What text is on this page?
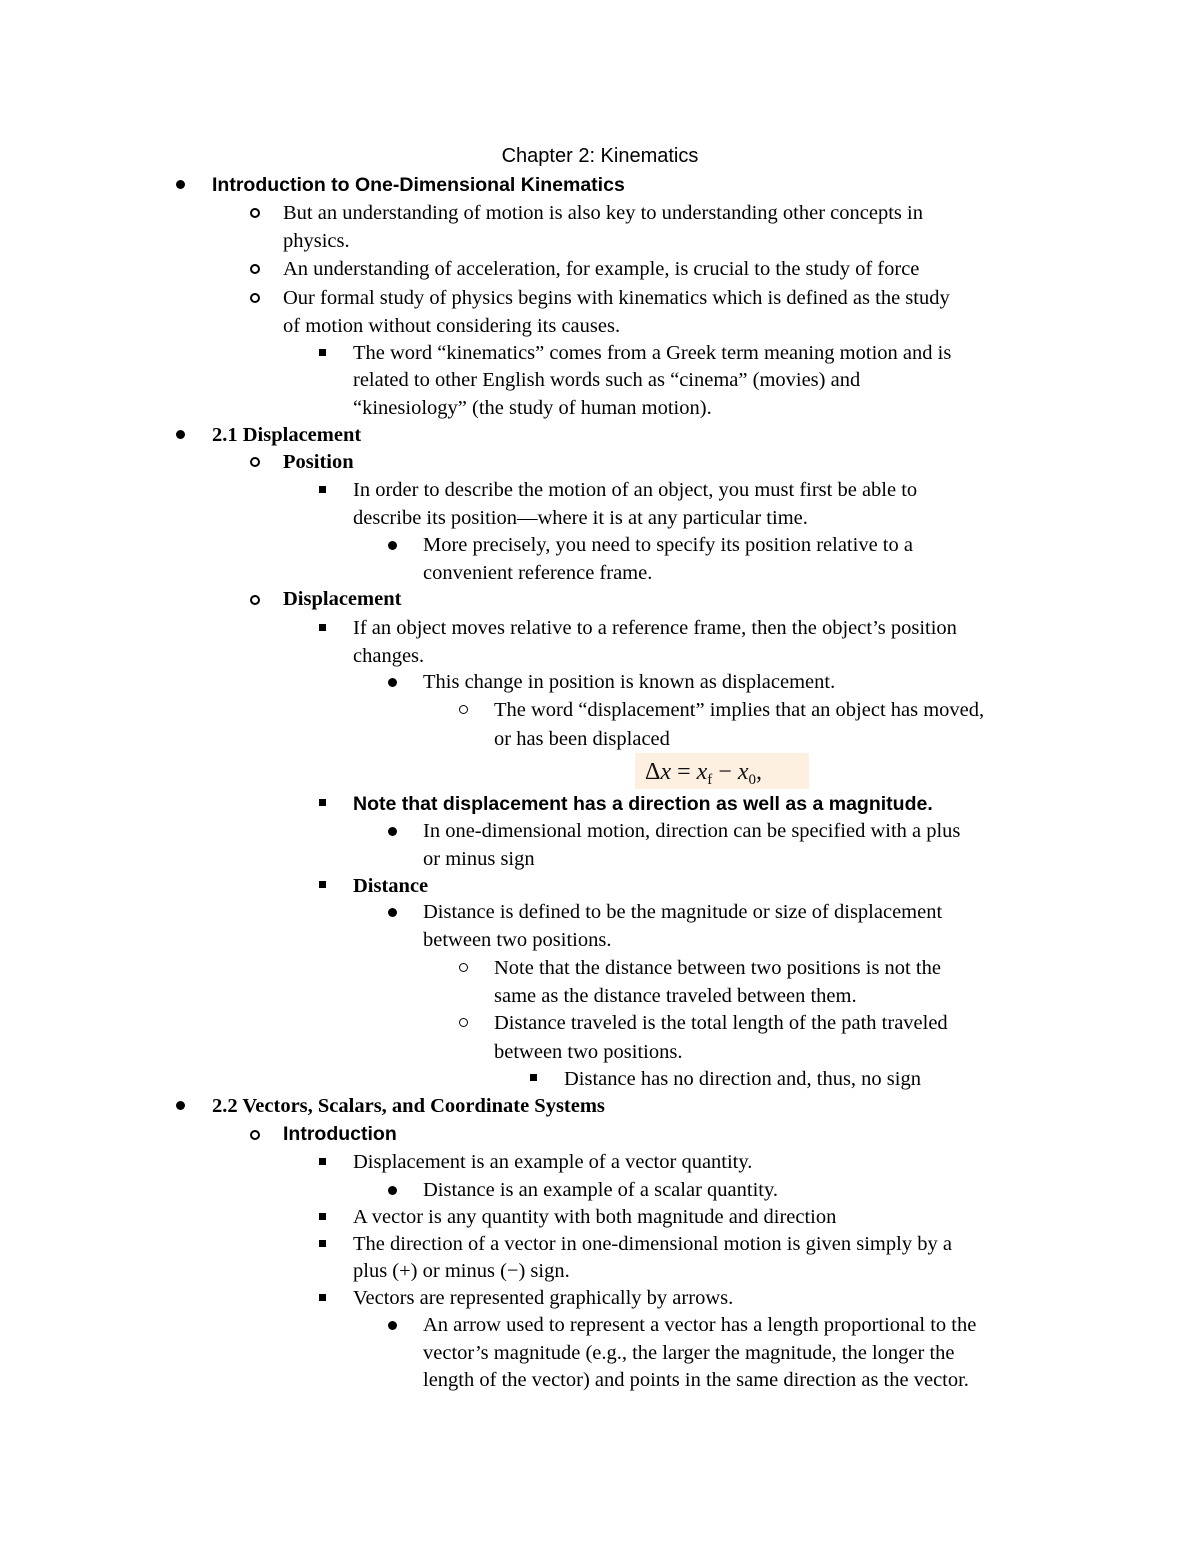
Chapter 2: Kinematics
Introduction to One-Dimensional Kinematics
But an understanding of motion is also key to understanding other concepts in
physics.
An understanding of acceleration, for example, is crucial to the study of force
Our formal study of physics begins with kinematics which is defined as the study
of motion without considering its causes.
The word “kinematics” comes from a Greek term meaning motion and is
related to other English words such as “cinema” (movies) and
“kinesiology” (the study of human motion).
2.1 Displacement
Position
In order to describe the motion of an object, you must first be able to
describe its position—where it is at any particular time.
More precisely, you need to specify its position relative to a
convenient reference frame.
Displacement
If an object moves relative to a reference frame, then the object’s position
changes.
This change in position is known as displacement.
The word “displacement” implies that an object has moved,
or has been displaced
$\Delta x = x_f - x_0$,
Note that displacement has a direction as well as a magnitude.
In one-dimensional motion, direction can be specified with a plus
or minus sign
Distance
Distance is defined to be the magnitude or size of displacement
between two positions.
Note that the distance between two positions is not the
same as the distance traveled between them.
Distance traveled is the total length of the path traveled
between two positions.
Distance has no direction and, thus, no sign
2.2 Vectors, Scalars, and Coordinate Systems
Introduction
Displacement is an example of a vector quantity.
Distance is an example of a scalar quantity.
A vector is any quantity with both magnitude and direction
The direction of a vector in one-dimensional motion is given simply by a
plus (+) or minus (−) sign.
Vectors are represented graphically by arrows.
An arrow used to represent a vector has a length proportional to the
vector’s magnitude (e.g., the larger the magnitude, the longer the
length of the vector) and points in the same direction as the vector.
